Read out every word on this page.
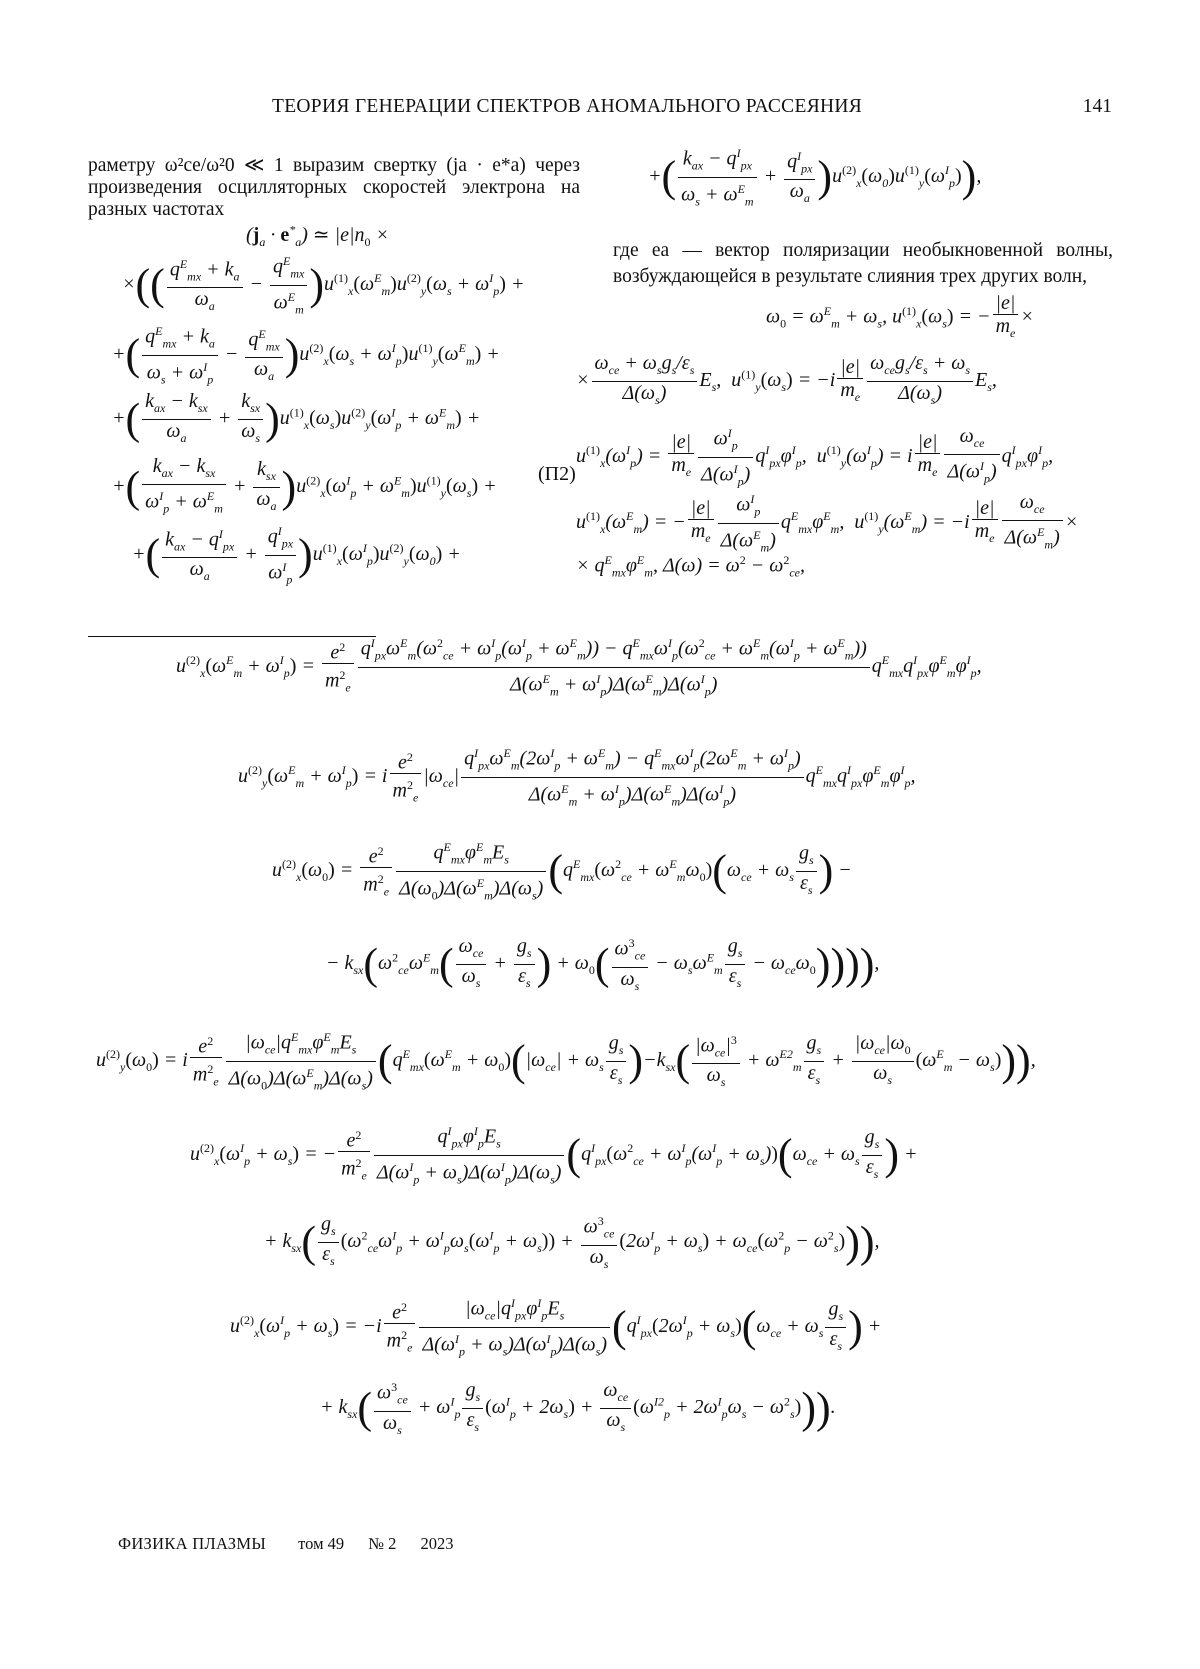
ТЕОРИЯ ГЕНЕРАЦИИ СПЕКТРОВ АНОМАЛЬНОГО РАССЕЯНИЯ	141

раметру ω²ce/ω²0 ≪ 1 выразим свертку (ja · e*a) через произведения осцилляторных скоростей электрона на разных частотах

$(j_a \cdot e^*_a)$ ≃ $|e|n_0$ ×
×(( $\frac{q^E_{mx} + k_a}{\omega_a} - \frac{q^E_{mx}}{\omega^E_m} )u^{(1)}_x(\omega^E_m)u^{(2)}_y(\omega_s + \omega^I_p)$ +
+( $\frac{q^E_{mx} + k_a}{\omega_s + \omega^I_p} - \frac{q^E_{mx}}{\omega_a} )u^{(2)}_x(\omega_s + \omega^I_p)u^{(1)}_y(\omega^E_m)$ +
+( $\frac{k_{ax} - k_{sx}}{\omega_a} + \frac{k_{sx}}{\omega_s} )u^{(1)}_x(\omega_s)u^{(2)}_y(\omega^I_p + \omega^E_m)$ +
+( $\frac{k_{ax} - k_{sx}}{\omega^I_p + \omega^E_m} + \frac{k_{sx}}{\omega_a} )u^{(2)}_x(\omega^I_p + \omega^E_m)u^{(1)}_y(\omega_s)$ +
+( $\frac{k_{ax} - q^I_{px}}{\omega_a} + \frac{q^I_{px}}{\omega^I_p} )u^{(1)}_x(\omega^I_p)u^{(2)}_y(\omega_0)$ +
(П2)
+( $\frac{k_{ax} - q^I_{px}}{\omega_s + \omega^E_m} + \frac{q^I_{px}}{\omega_a} )u^{(2)}_x(\omega_0)u^{(1)}_y(\omega^I_p)$),

где ea — вектор поляризации необыкновенной волны, возбуждающейся в результате слияния трех других волн,

$\omega_0 = \omega^E_m + \omega_s$, $u^{(1)}_x(\omega_s)$ = − $\frac{|e|}{m_e}$ ×
× $\frac{\omega_{ce} + \omega_sg_s/\varepsilon_s}{\Delta(\omega_s)} E_s$,  $u^{(1)}_y(\omega_s) = -i \frac{|e|}{m_e} \frac{\omega_{ce}g_s/\varepsilon_s + \omega_s}{\Delta(\omega_s)} E_s$,
$u^{(1)}_x(\omega^I_p) = \frac{|e|}{m_e} \frac{\omega^I_p}{\Delta(\omega^I_p)} q^I_{px}\varphi^I_p$,  $u^{(1)}_y(\omega^I_p) = i \frac{|e|}{m_e} \frac{\omega_{ce}}{\Delta(\omega^I_p)} q^I_{px}\varphi^I_p$,
$u^{(1)}_x(\omega^E_m)$ = − $\frac{|e|}{m_e} \frac{\omega^I_p}{\Delta(\omega^E_m)} q^E_{mx}\varphi^E_m$,  $u^{(1)}_y(\omega^E_m) = -i \frac{|e|}{m_e} \frac{\omega_{ce}}{\Delta(\omega^E_m)}$ ×
× $q^E_{mx}\varphi^E_m$, $\Delta(\omega) = \omega^2 - \omega^2_{ce}$,
$u^{(2)}_x(\omega^E_m + \omega^I_p) = \frac{e^2}{m^2_e} q^I_{px}\omega^E_m(\omega^2_{ce} + \omega^I_p(\omega^I_p + \omega^E_m)) - q^E_{mx}\omega^I_p(\omega^2_{ce} + \omega^E_m(\omega^I_p + \omega^E_m))$
$\Delta(\omega^E_m + \omega^I_p)\Delta(\omega^E_m)\Delta(\omega^I_p)$
$q^E_{mx}q^I_{px}\varphi^E_m\varphi^I_p$,
$u^{(2)}_y(\omega^E_m + \omega^I_p) = i \frac{e^2}{m^2_e} |\omega_{ce}| \frac{q^I_{px}\omega^E_m(2\omega^I_p + \omega^E_m) - q^E_{mx}\omega^I_p(2\omega^E_m + \omega^I_p)}{\Delta(\omega^E_m + \omega^I_p)\Delta(\omega^E_m)\Delta(\omega^I_p)} q^E_{mx}q^I_{px}\varphi^E_m\varphi^I_p$,
$u^{(2)}_x(\omega_0) = \frac{e^2}{m^2_e} \frac{q^E_{mx}\varphi^E_mE_s}{\Delta(\omega_0)\Delta(\omega^E_m)\Delta(\omega_s)} (q^E_{mx}(\omega^2_{ce} + \omega^E_m\omega_0)(\omega_{ce} + \omega_s \frac{g_s}{\varepsilon_s}$ ) −
− $k_{sx}(\omega^2_{ce}\omega^E_m( \frac{\omega_{ce}}{\omega_s} + \frac{g_s}{\varepsilon_s}$ ) + $\omega_0( \frac{\omega^3_{ce}}{\omega_s} - \omega_s\omega^E_m \frac{g_s}{\varepsilon_s} - \omega_{ce}\omega_0)$))),
$u^{(2)}_y(\omega_0) = i \frac{e^2}{m^2_e} \frac{|\omega_{ce}|q^E_{mx}\varphi^E_mE_s}{\Delta(\omega_0)\Delta(\omega^E_m)\Delta(\omega_s)} (q^E_{mx}(\omega^E_m + \omega_0)(|\omega_{ce}| + \omega_s \frac{g_s}{\varepsilon_s} )-k_{sx}( \frac{|\omega_{ce}|^3}{\omega_s} + \omega^{E2}_m \frac{g_s}{\varepsilon_s} + \frac{|\omega_{ce}|\omega_0}{\omega_s} (\omega^E_m - \omega_s)))$,
$u^{(2)}_x(\omega^I_p + \omega_s)$ = − $\frac{e^2}{m^2_e} \frac{q^I_{px}\varphi^I_pE_s}{\Delta(\omega^I_p + \omega_s)\Delta(\omega^I_p)\Delta(\omega_s)} (q^I_{px}(\omega^2_{ce} + \omega^I_p(\omega^I_p + \omega_s))(\omega_{ce} + \omega_s \frac{g_s}{\varepsilon_s}$ ) +
+ $k_{sx}( \frac{g_s}{\varepsilon_s} (\omega^2_{ce}\omega^I_p + \omega^I_p\omega_s(\omega^I_p + \omega_s)) + \frac{\omega^3_{ce}}{\omega_s} (2\omega^I_p + \omega_s) + \omega_{ce}(\omega^2_p - \omega^2_s))$),
$u^{(2)}_x(\omega^I_p + \omega_s) = -i \frac{e^2}{m^2_e} \frac{|\omega_{ce}|q^I_{px}\varphi^I_pE_s}{\Delta(\omega^I_p + \omega_s)\Delta(\omega^I_p)\Delta(\omega_s)} (q^I_{px}(2\omega^I_p + \omega_s)(\omega_{ce} + \omega_s \frac{g_s}{\varepsilon_s}$ ) +
+ $k_{sx}( \frac{\omega^3_{ce}}{\omega_s} + \omega^I_p \frac{g_s}{\varepsilon_s} (\omega^I_p + 2\omega_s) + \frac{\omega_{ce}}{\omega_s} (\omega^{I2}_p + 2\omega^I_p\omega_s - \omega^2_s))$).
ФИЗИКА ПЛАЗМЫ том 49 № 2 2023
